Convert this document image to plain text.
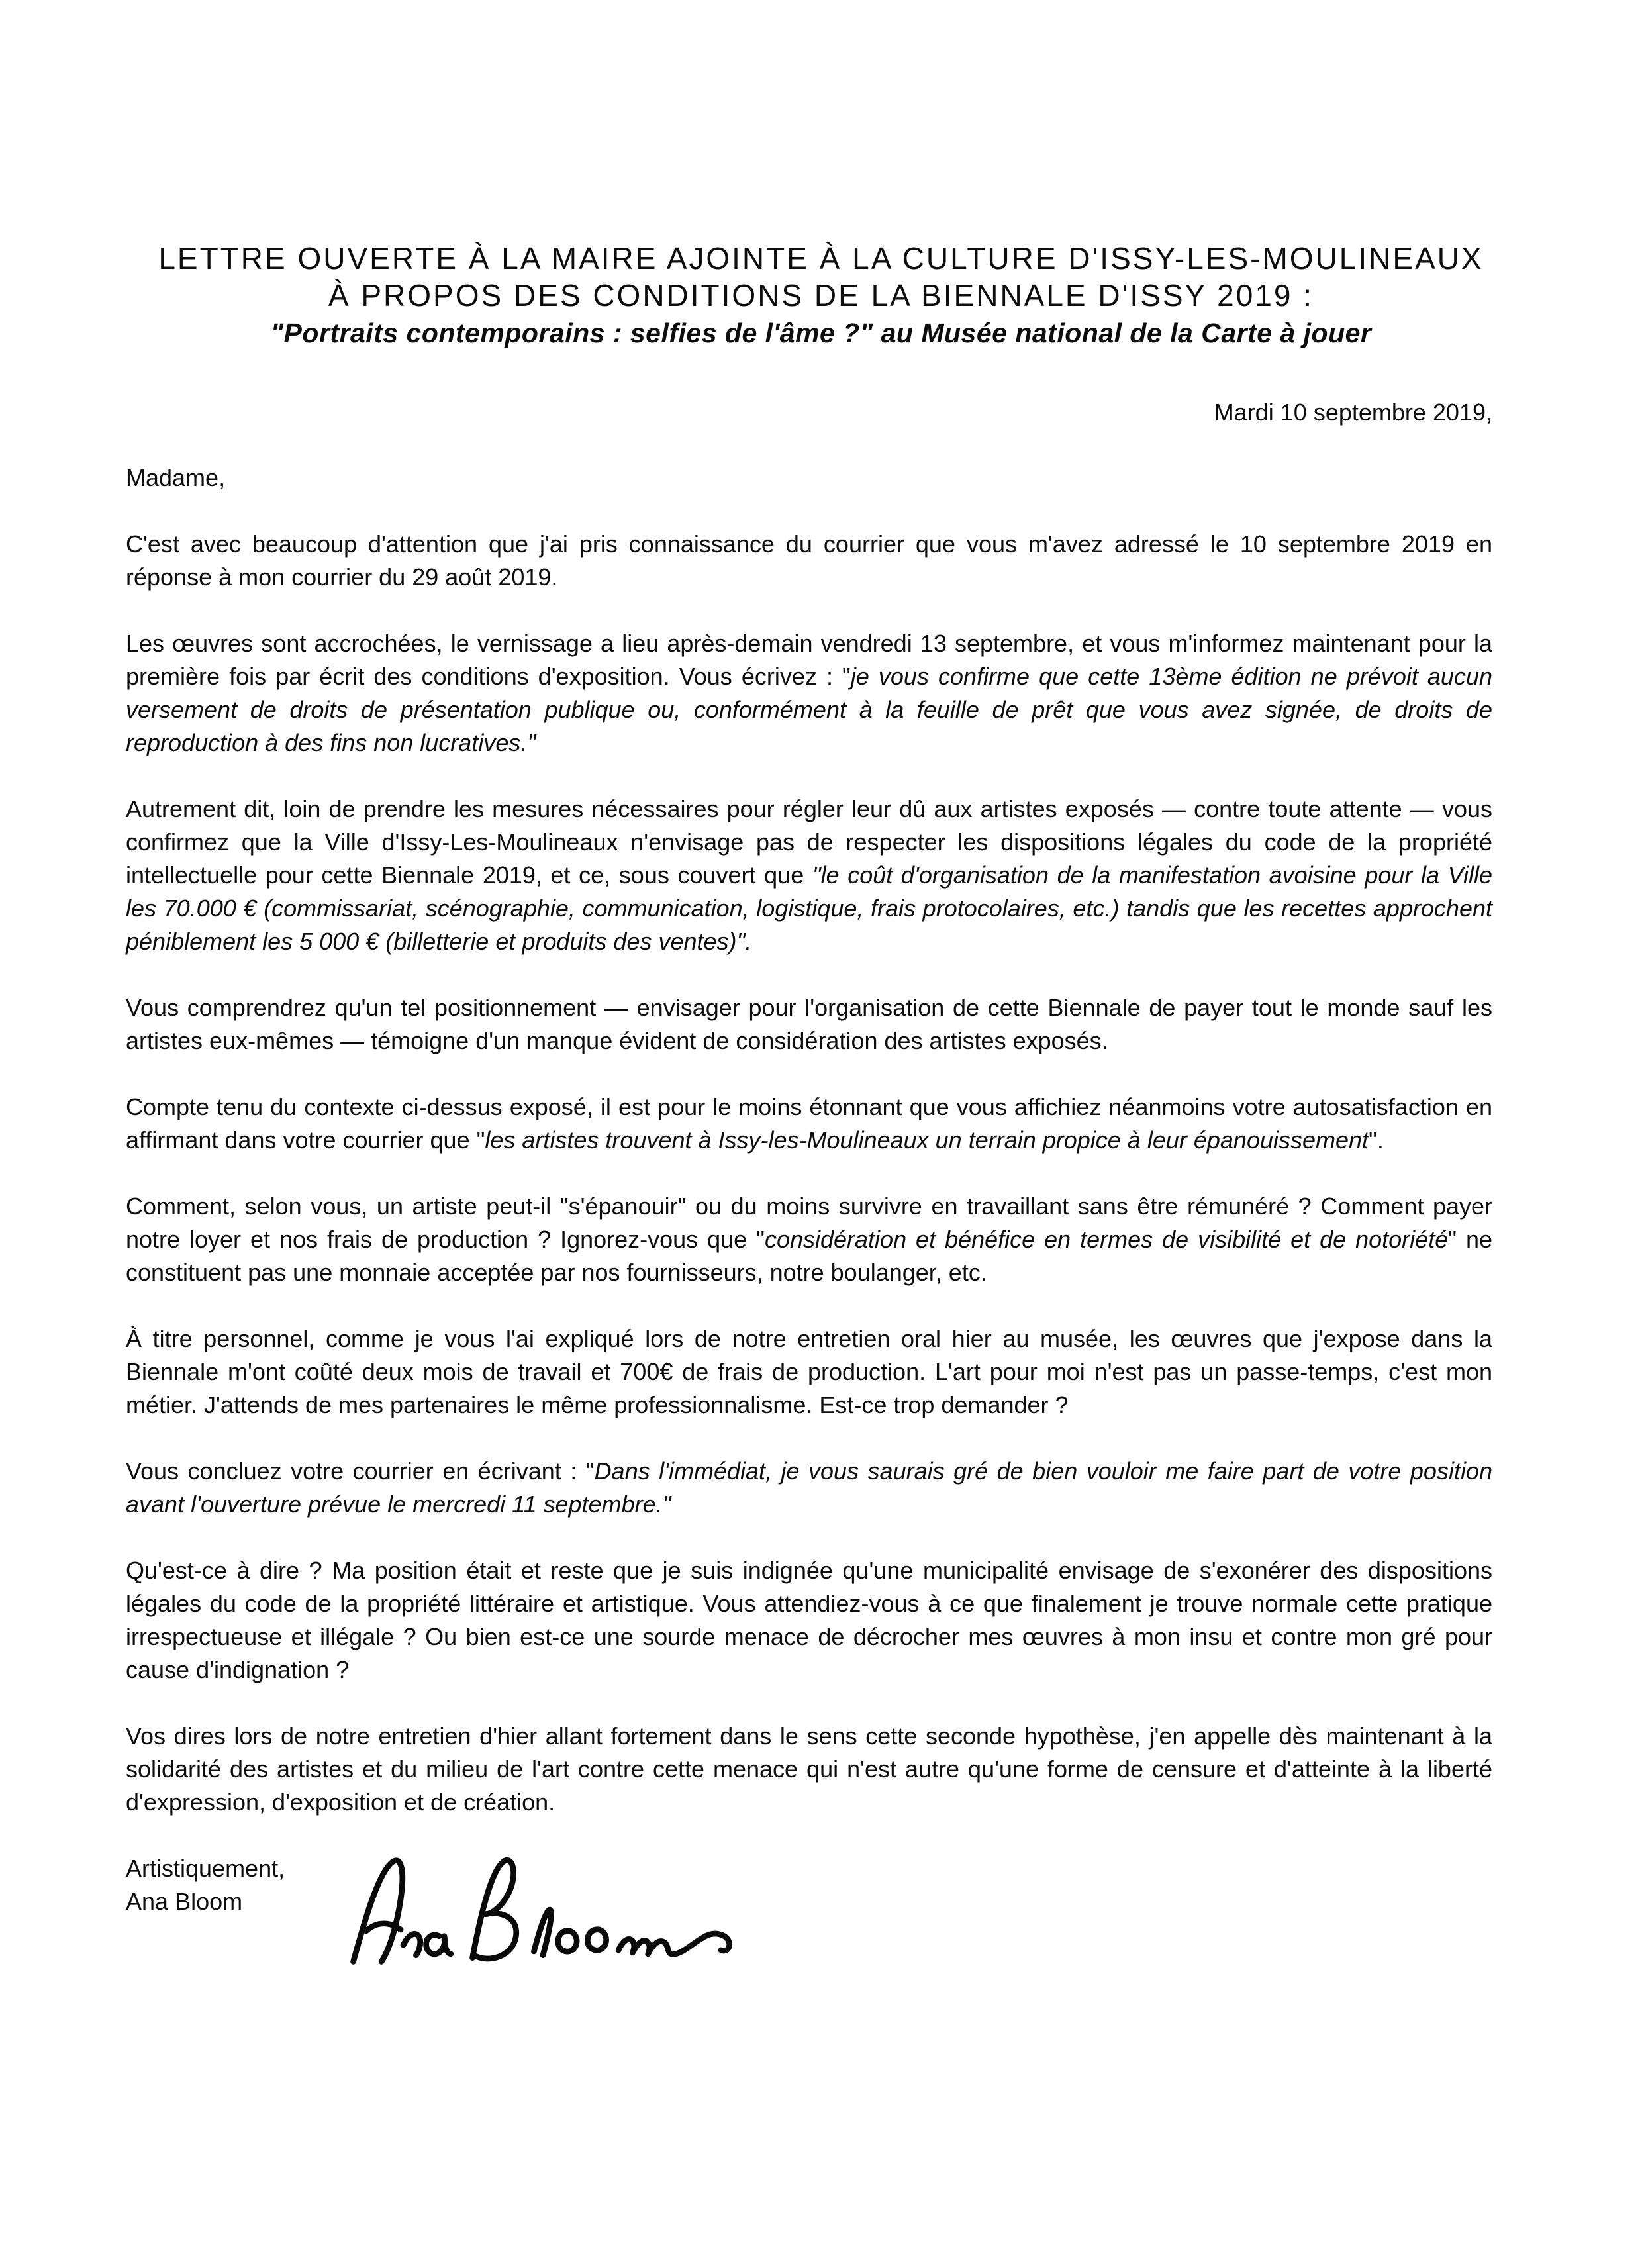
LETTRE OUVERTE À LA MAIRE AJOINTE À LA CULTURE D'ISSY-LES-MOULINEAUX
À PROPOS DES CONDITIONS DE LA BIENNALE D'ISSY 2019 :
"Portraits contemporains : selfies de l'âme ?" au Musée national de la Carte à jouer
Mardi 10 septembre 2019,

Madame,

C'est avec beaucoup d'attention que j'ai pris connaissance du courrier que vous m'avez adressé le 10 septembre 2019 en réponse à mon courrier du 29 août 2019.

Les œuvres sont accrochées, le vernissage a lieu après-demain vendredi 13 septembre, et vous m'informez maintenant pour la première fois par écrit des conditions d'exposition. Vous écrivez : "je vous confirme que cette 13ème édition ne prévoit aucun versement de droits de présentation publique ou, conformément à la feuille de prêt que vous avez signée, de droits de reproduction à des fins non lucratives."

Autrement dit, loin de prendre les mesures nécessaires pour régler leur dû aux artistes exposés — contre toute attente — vous confirmez que la Ville d'Issy-Les-Moulineaux n'envisage pas de respecter les dispositions légales du code de la propriété intellectuelle pour cette Biennale 2019, et ce, sous couvert que "le coût d'organisation de la manifestation avoisine pour la Ville les 70.000 € (commissariat, scénographie, communication, logistique, frais protocolaires, etc.) tandis que les recettes approchent péniblement les 5 000 € (billetterie et produits des ventes)".

Vous comprendrez qu'un tel positionnement — envisager pour l'organisation de cette Biennale de payer tout le monde sauf les artistes eux-mêmes — témoigne d'un manque évident de considération des artistes exposés.

Compte tenu du contexte ci-dessus exposé, il est pour le moins étonnant que vous affichiez néanmoins votre autosatisfaction en affirmant dans votre courrier que "les artistes trouvent à Issy-les-Moulineaux un terrain propice à leur épanouissement".

Comment, selon vous, un artiste peut-il "s'épanouir" ou du moins survivre en travaillant sans être rémunéré ? Comment payer notre loyer et nos frais de production ? Ignorez-vous que "considération et bénéfice en termes de visibilité et de notoriété" ne constituent pas une monnaie acceptée par nos fournisseurs, notre boulanger, etc.

À titre personnel, comme je vous l'ai expliqué lors de notre entretien oral hier au musée, les œuvres que j'expose dans la Biennale m'ont coûté deux mois de travail et 700€ de frais de production. L'art pour moi n'est pas un passe-temps, c'est mon métier. J'attends de mes partenaires le même professionnalisme. Est-ce trop demander ?

Vous concluez votre courrier en écrivant : "Dans l'immédiat, je vous saurais gré de bien vouloir me faire part de votre position avant l'ouverture prévue le mercredi 11 septembre."

Qu'est-ce à dire ? Ma position était et reste que je suis indignée qu'une municipalité envisage de s'exonérer des dispositions légales du code de la propriété littéraire et artistique. Vous attendiez-vous à ce que finalement je trouve normale cette pratique irrespectueuse et illégale ? Ou bien est-ce une sourde menace de décrocher mes œuvres à mon insu et contre mon gré pour cause d'indignation ?

Vos dires lors de notre entretien d'hier allant fortement dans le sens cette seconde hypothèse, j'en appelle dès maintenant à la solidarité des artistes et du milieu de l'art contre cette menace qui n'est autre qu'une forme de censure et d'atteinte à la liberté d'expression, d'exposition et de création.

Artistiquement,
Ana Bloom
